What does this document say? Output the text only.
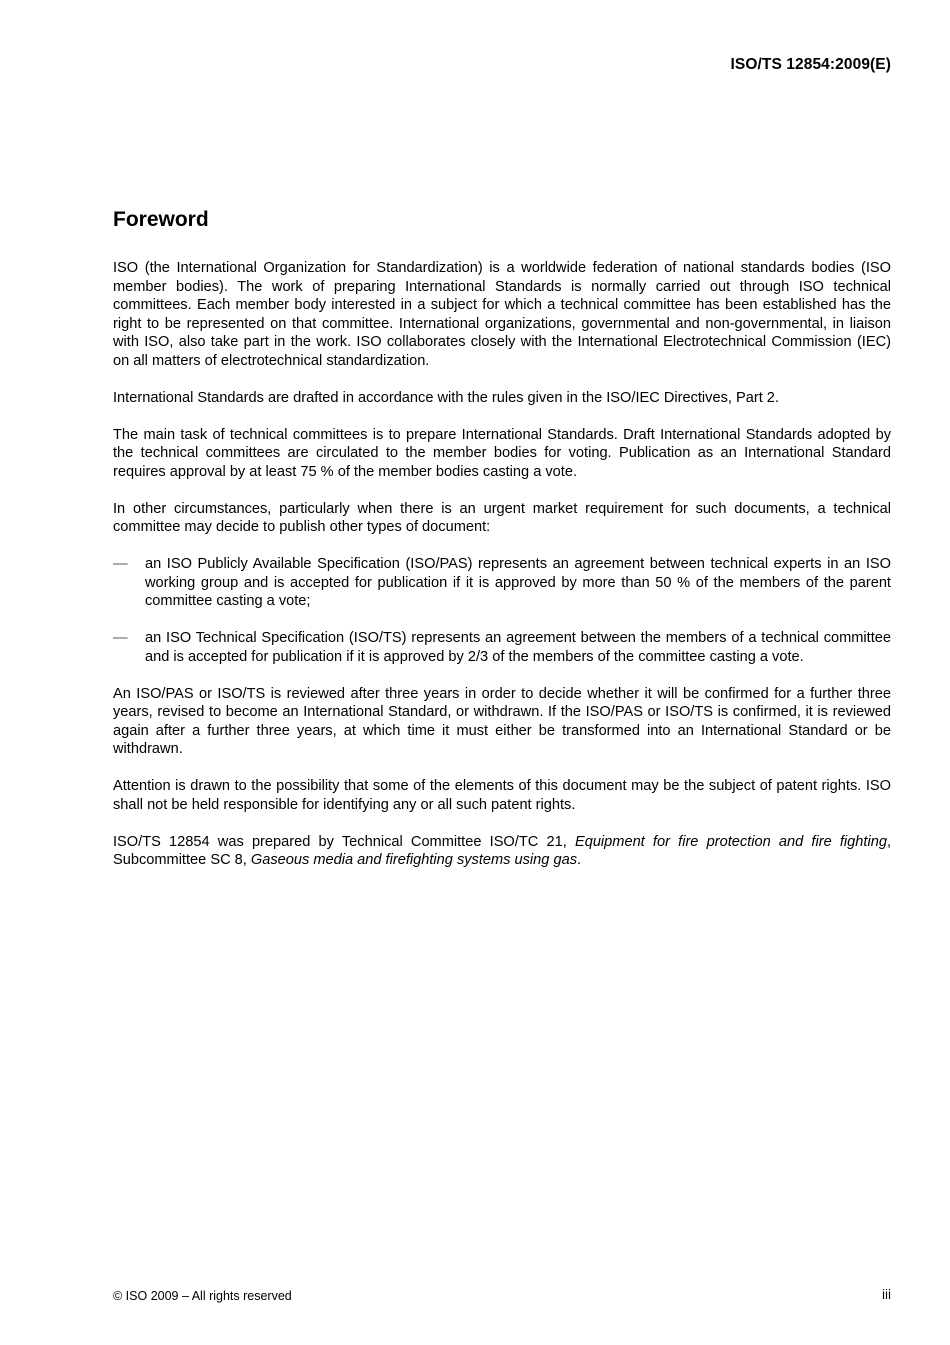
ISO/TS 12854:2009(E)
Foreword

ISO (the International Organization for Standardization) is a worldwide federation of national standards bodies (ISO member bodies). The work of preparing International Standards is normally carried out through ISO technical committees. Each member body interested in a subject for which a technical committee has been established has the right to be represented on that committee. International organizations, governmental and non-governmental, in liaison with ISO, also take part in the work. ISO collaborates closely with the International Electrotechnical Commission (IEC) on all matters of electrotechnical standardization.

International Standards are drafted in accordance with the rules given in the ISO/IEC Directives, Part 2.

The main task of technical committees is to prepare International Standards. Draft International Standards adopted by the technical committees are circulated to the member bodies for voting. Publication as an International Standard requires approval by at least 75 % of the member bodies casting a vote.

In other circumstances, particularly when there is an urgent market requirement for such documents, a technical committee may decide to publish other types of document:

—	an ISO Publicly Available Specification (ISO/PAS) represents an agreement between technical experts in an ISO working group and is accepted for publication if it is approved by more than 50 % of the members of the parent committee casting a vote;
—	an ISO Technical Specification (ISO/TS) represents an agreement between the members of a technical committee and is accepted for publication if it is approved by 2/3 of the members of the committee casting a vote.

An ISO/PAS or ISO/TS is reviewed after three years in order to decide whether it will be confirmed for a further three years, revised to become an International Standard, or withdrawn. If the ISO/PAS or ISO/TS is confirmed, it is reviewed again after a further three years, at which time it must either be transformed into an International Standard or be withdrawn.

Attention is drawn to the possibility that some of the elements of this document may be the subject of patent rights. ISO shall not be held responsible for identifying any or all such patent rights.

ISO/TS 12854 was prepared by Technical Committee ISO/TC 21, Equipment for fire protection and fire fighting, Subcommittee SC 8, Gaseous media and firefighting systems using gas.

© ISO 2009 – All rights reserved	iii
